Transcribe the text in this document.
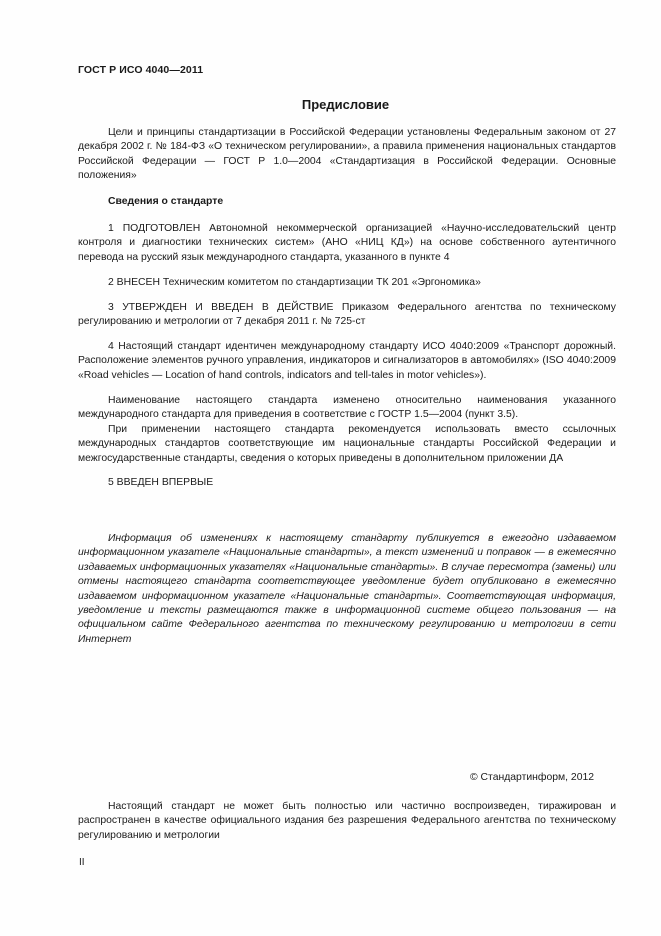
ГОСТ Р ИСО 4040—2011
Предисловие

Цели и принципы стандартизации в Российской Федерации установлены Федеральным законом от 27 декабря 2002 г. № 184-ФЗ «О техническом регулировании», а правила применения национальных стандартов Российской Федерации — ГОСТ Р 1.0—2004 «Стандартизация в Российской Федерации. Основные положения»

Сведения о стандарте

1 ПОДГОТОВЛЕН Автономной некоммерческой организацией «Научно-исследовательский центр контроля и диагностики технических систем» (АНО «НИЦ КД») на основе собственного аутентичного перевода на русский язык международного стандарта, указанного в пункте 4

2 ВНЕСЕН Техническим комитетом по стандартизации ТК 201 «Эргономика»

3 УТВЕРЖДЕН И ВВЕДЕН В ДЕЙСТВИЕ Приказом Федерального агентства по техническому регулированию и метрологии от 7 декабря 2011 г. № 725-ст

4 Настоящий стандарт идентичен международному стандарту ИСО 4040:2009 «Транспорт дорожный. Расположение элементов ручного управления, индикаторов и сигнализаторов в автомобилях» (ISO 4040:2009 «Road vehicles — Location of hand controls, indicators and tell-tales in motor vehicles»).

Наименование настоящего стандарта изменено относительно наименования указанного международного стандарта для приведения в соответствие с ГОСТР 1.5—2004 (пункт 3.5).

При применении настоящего стандарта рекомендуется использовать вместо ссылочных международных стандартов соответствующие им национальные стандарты Российской Федерации и межгосударственные стандарты, сведения о которых приведены в дополнительном приложении ДА

5 ВВЕДЕН ВПЕРВЫЕ

Информация об изменениях к настоящему стандарту публикуется в ежегодно издаваемом информационном указателе «Национальные стандарты», а текст изменений и поправок — в ежемесячно издаваемых информационных указателях «Национальные стандарты». В случае пересмотра (замены) или отмены настоящего стандарта соответствующее уведомление будет опубликовано в ежемесячно издаваемом информационном указателе «Национальные стандарты». Соответствующая информация, уведомление и тексты размещаются также в информационной системе общего пользования — на официальном сайте Федерального агентства по техническому регулированию и метрологии в сети Интернет

© Стандартинформ, 2012

Настоящий стандарт не может быть полностью или частично воспроизведен, тиражирован и распространен в качестве официального издания без разрешения Федерального агентства по техническому регулированию и метрологии

II
